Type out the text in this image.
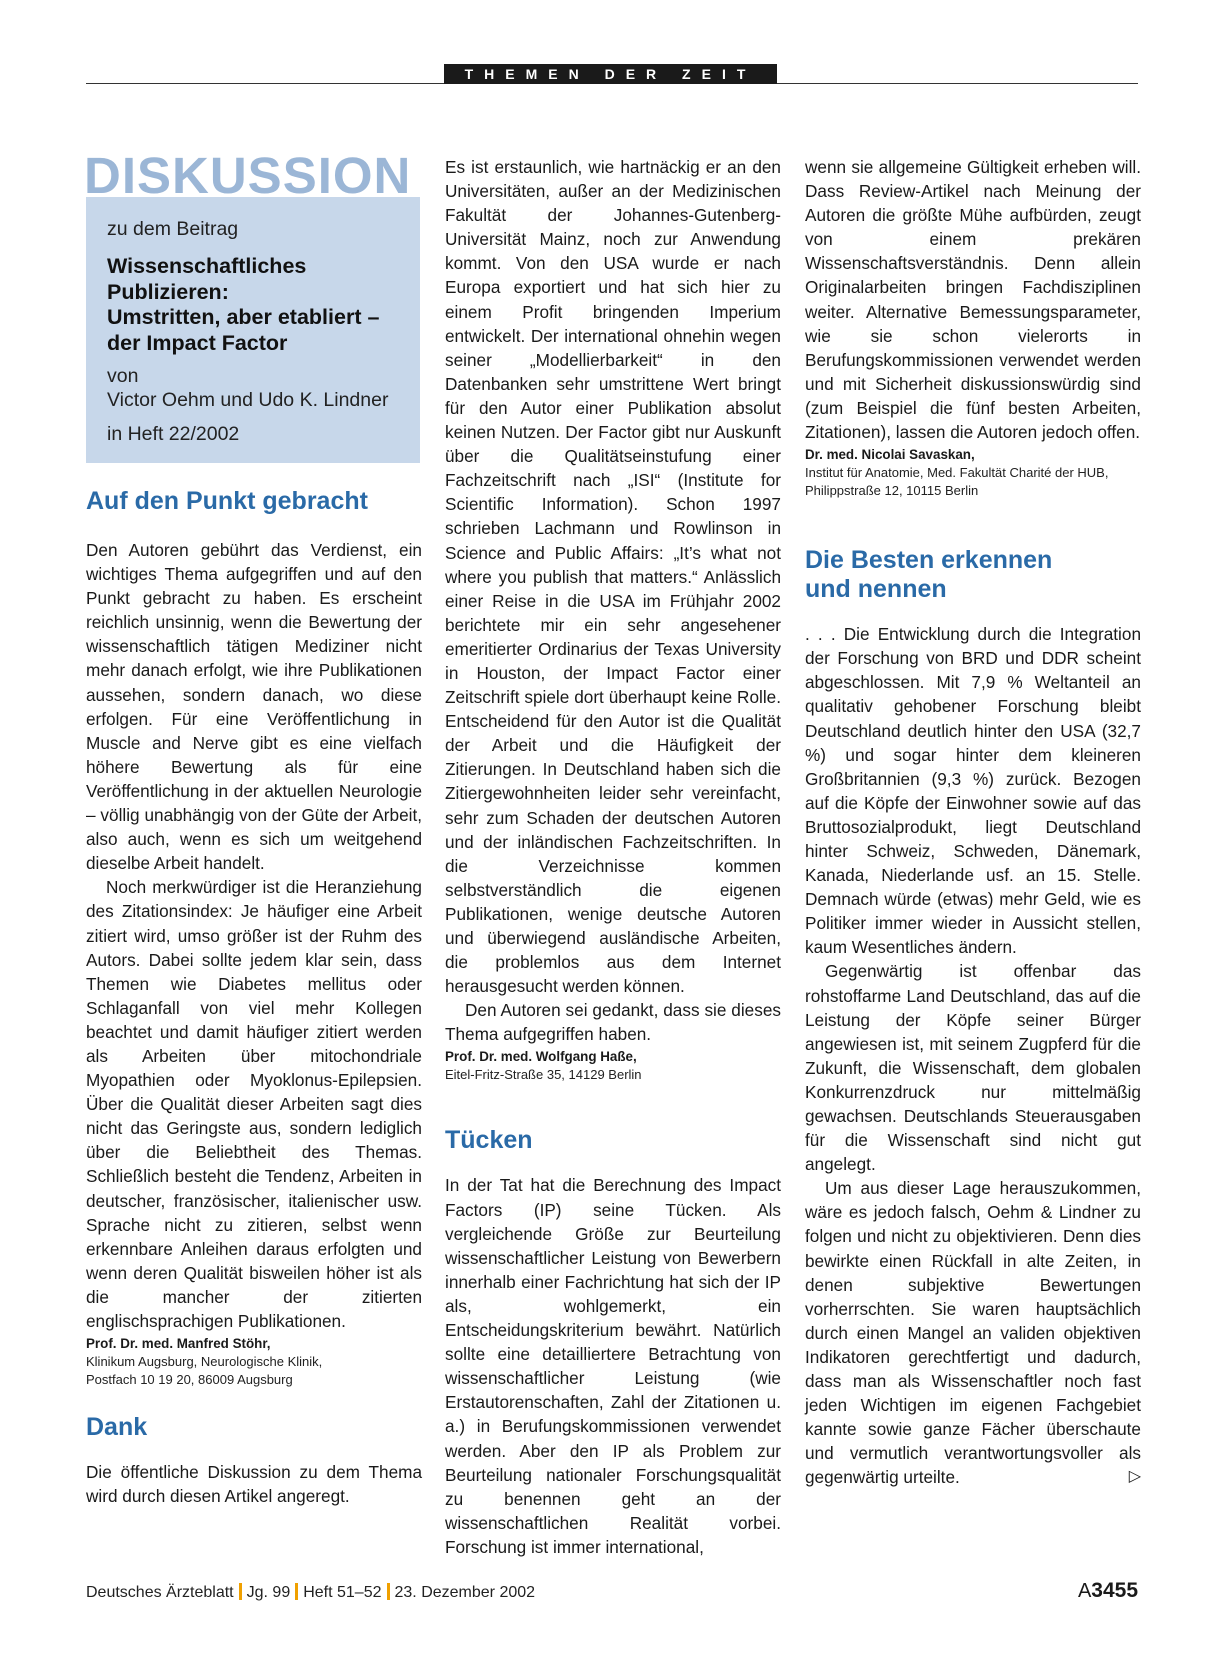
THEMEN DER ZEIT
DISKUSSION
zu dem Beitrag
Wissenschaftliches
Publizieren:
Umstritten, aber etabliert –
der Impact Factor
von
Victor Oehm und Udo K. Lindner
in Heft 22/2002
Auf den Punkt gebracht

Den Autoren gebührt das Verdienst, ein wichtiges Thema aufgegriffen und auf den Punkt gebracht zu haben. Es erscheint reichlich unsinnig, wenn die Bewertung der wissenschaftlich tätigen Mediziner nicht mehr danach erfolgt, wie ihre Publikationen aussehen, sondern danach, wo diese erfolgen. Für eine Veröffentlichung in Muscle and Nerve gibt es eine vielfach höhere Bewertung als für eine Veröffentlichung in der aktuellen Neurologie – völlig unabhängig von der Güte der Arbeit, also auch, wenn es sich um weitgehend dieselbe Arbeit handelt.

Noch merkwürdiger ist die Heranziehung des Zitationsindex: Je häufiger eine Arbeit zitiert wird, umso größer ist der Ruhm des Autors. Dabei sollte jedem klar sein, dass Themen wie Diabetes mellitus oder Schlaganfall von viel mehr Kollegen beachtet und damit häufiger zitiert werden als Arbeiten über mitochondriale Myopathien oder Myoklonus-Epilepsien. Über die Qualität dieser Arbeiten sagt dies nicht das Geringste aus, sondern lediglich über die Beliebtheit des Themas. Schließlich besteht die Tendenz, Arbeiten in deutscher, französischer, italienischer usw. Sprache nicht zu zitieren, selbst wenn erkennbare Anleihen daraus erfolgten und wenn deren Qualität bisweilen höher ist als die mancher der zitierten englischsprachigen Publikationen.

Prof. Dr. med. Manfred Stöhr,
Klinikum Augsburg, Neurologische Klinik,
Postfach 10 19 20, 86009 Augsburg
Dank

Die öffentliche Diskussion zu dem Thema wird durch diesen Artikel angeregt.

Es ist erstaunlich, wie hartnäckig er an den Universitäten, außer an der Medizinischen Fakultät der Johannes-Gutenberg-Universität Mainz, noch zur Anwendung kommt. Von den USA wurde er nach Europa exportiert und hat sich hier zu einem Profit bringenden Imperium entwickelt. Der international ohnehin wegen seiner „Modellierbarkeit“ in den Datenbanken sehr umstrittene Wert bringt für den Autor einer Publikation absolut keinen Nutzen. Der Factor gibt nur Auskunft über die Qualitätseinstufung einer Fachzeitschrift nach „ISI“ (Institute for Scientific Information). Schon 1997 schrieben Lachmann und Rowlinson in Science and Public Affairs: „It’s what not where you publish that matters.“ Anlässlich einer Reise in die USA im Frühjahr 2002 berichtete mir ein sehr angesehener emeritierter Ordinarius der Texas University in Houston, der Impact Factor einer Zeitschrift spiele dort überhaupt keine Rolle. Entscheidend für den Autor ist die Qualität der Arbeit und die Häufigkeit der Zitierungen. In Deutschland haben sich die Zitiergewohnheiten leider sehr vereinfacht, sehr zum Schaden der deutschen Autoren und der inländischen Fachzeitschriften. In die Verzeichnisse kommen selbstverständlich die eigenen Publikationen, wenige deutsche Autoren und überwiegend ausländische Arbeiten, die problemlos aus dem Internet herausgesucht werden können.

Den Autoren sei gedankt, dass sie dieses Thema aufgegriffen haben.

Prof. Dr. med. Wolfgang Haße,
Eitel-Fritz-Straße 35, 14129 Berlin
Tücken

In der Tat hat die Berechnung des Impact Factors (IP) seine Tücken. Als vergleichende Größe zur Beurteilung wissenschaftlicher Leistung von Bewerbern innerhalb einer Fachrichtung hat sich der IP als, wohlgemerkt, ein Entscheidungskriterium bewährt. Natürlich sollte eine detailliertere Betrachtung von wissenschaftlicher Leistung (wie Erstautorenschaften, Zahl der Zitationen u. a.) in Berufungskommissionen verwendet werden. Aber den IP als Problem zur Beurteilung nationaler Forschungsqualität zu benennen geht an der wissenschaftlichen Realität vorbei. Forschung ist immer international,

wenn sie allgemeine Gültigkeit erheben will. Dass Review-Artikel nach Meinung der Autoren die größte Mühe aufbürden, zeugt von einem prekären Wissenschaftsverständnis. Denn allein Originalarbeiten bringen Fachdisziplinen weiter. Alternative Bemessungsparameter, wie sie schon vielerorts in Berufungskommissionen verwendet werden und mit Sicherheit diskussionswürdig sind (zum Beispiel die fünf besten Arbeiten, Zitationen), lassen die Autoren jedoch offen.

Dr. med. Nicolai Savaskan,
Institut für Anatomie, Med. Fakultät Charité der HUB,
Philippstraße 12, 10115 Berlin
Die Besten erkennen
und nennen

. . . Die Entwicklung durch die Integration der Forschung von BRD und DDR scheint abgeschlossen. Mit 7,9 % Weltanteil an qualitativ gehobener Forschung bleibt Deutschland deutlich hinter den USA (32,7 %) und sogar hinter dem kleineren Großbritannien (9,3 %) zurück. Bezogen auf die Köpfe der Einwohner sowie auf das Bruttosozialprodukt, liegt Deutschland hinter Schweiz, Schweden, Dänemark, Kanada, Niederlande usf. an 15. Stelle. Demnach würde (etwas) mehr Geld, wie es Politiker immer wieder in Aussicht stellen, kaum Wesentliches ändern.

Gegenwärtig ist offenbar das rohstoffarme Land Deutschland, das auf die Leistung der Köpfe seiner Bürger angewiesen ist, mit seinem Zugpferd für die Zukunft, die Wissenschaft, dem globalen Konkurrenzdruck nur mittelmäßig gewachsen. Deutschlands Steuerausgaben für die Wissenschaft sind nicht gut angelegt.

Um aus dieser Lage herauszukommen, wäre es jedoch falsch, Oehm & Lindner zu folgen und nicht zu objektivieren. Denn dies bewirkte einen Rückfall in alte Zeiten, in denen subjektive Bewertungen vorherrschten. Sie waren hauptsächlich durch einen Mangel an validen objektiven Indikatoren gerechtfertigt und dadurch, dass man als Wissenschaftler noch fast jeden Wichtigen im eigenen Fachgebiet kannte sowie ganze Fächer überschaute und vermutlich verantwortungsvoller als gegenwärtig urteilte.	▷

Deutsches Ärzteblatt Jg. 99 Heft 51–52 23. Dezember 2002	A3455
